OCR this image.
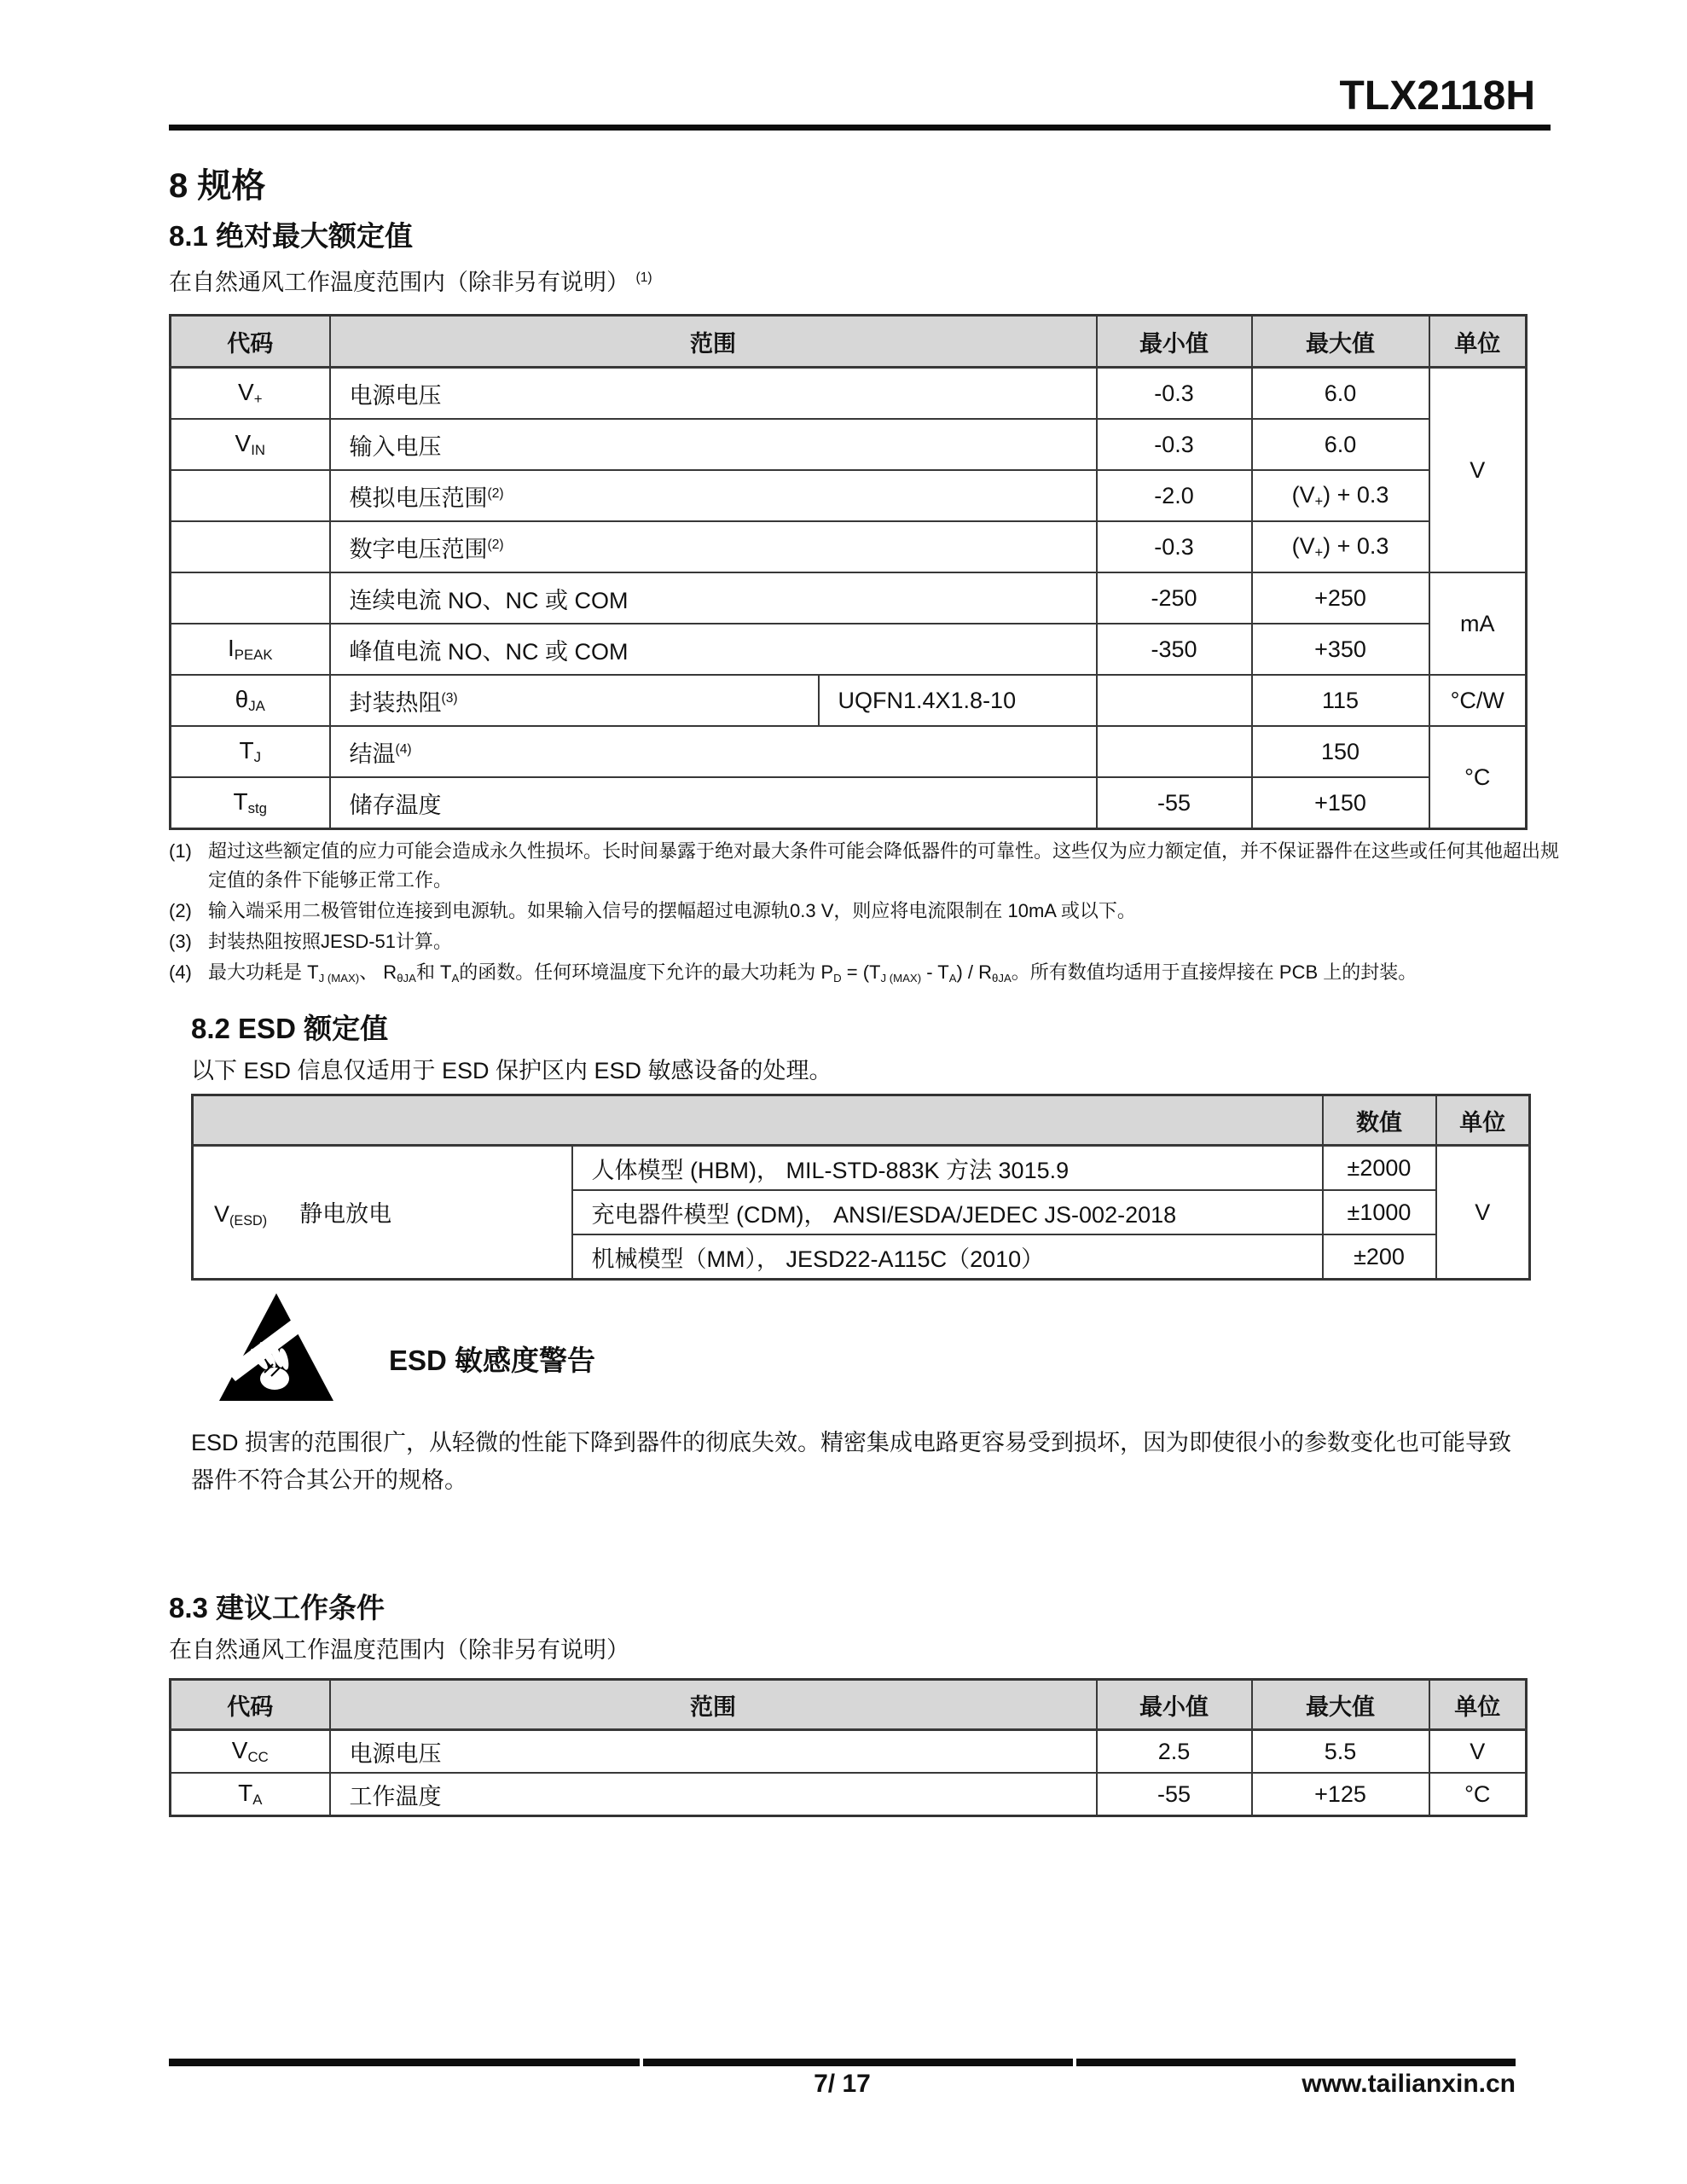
TLX2118H
8 规格
8.1 绝对最大额定值
在自然通风工作温度范围内（除非另有说明） $^{(1)}$
代码	范围		最小值	最大值	单位
$V_+$	电源电压		-0.3	6.0	V
$V_{IN}$	输入电压		-0.3	6.0	
	模拟电压范围$^{(2)}$		-2.0	$(V_+) + 0.3$	
	数字电压范围$^{(2)}$		-0.3	$(V_+) + 0.3$	
	连续电流 NO、NC 或 COM		-250	+250	mA
$I_{PEAK}$	峰值电流 NO、NC 或 COM		-350	+350	
$\theta_{JA}$	封装热阻$^{(3)}$	UQFN1.4X1.8-10		115	°C/W
$T_J$	结温$^{(4)}$			150	°C
$T_{stg}$	储存温度		-55	+150	
(1) 超过这些额定值的应力可能会造成永久性损坏。长时间暴露于绝对最大条件可能会降低器件的可靠性。这些仅为应力额定值，并不保证器件在这些或任何其他超出规定值的条件下能够正常工作。
(2) 输入端采用二极管钳位连接到电源轨。如果输入信号的摆幅超过电源轨0.3 V，则应将电流限制在 10mA 或以下。
(3) 封装热阻按照JESD-51计算。
(4) 最大功耗是 $T_{J (MAX)}$、 $R_{\theta JA}$和 $T_A$的函数。任何环境温度下允许的最大功耗为 $P_D = (T_{J (MAX)} - T_A) / R_{\theta JA}$。所有数值均适用于直接焊接在 PCB 上的封装。
8.2 ESD 额定值
以下 ESD 信息仅适用于 ESD 保护区内 ESD 敏感设备的处理。
		数值	单位
$V_{(ESD)}$ 静电放电	人体模型 (HBM)， MIL-STD-883K 方法 3015.9	±2000	V
	充电器件模型 (CDM)， ANSI/ESDA/JEDEC JS-002-2018	±1000	
	机械模型（MM）， JESD22-A115C（2010）	±200	
ESD 敏感度警告
ESD 损害的范围很广，从轻微的性能下降到器件的彻底失效。精密集成电路更容易受到损坏，因为即使很小的参数变化也可能导致器件不符合其公开的规格。
8.3 建议工作条件
在自然通风工作温度范围内（除非另有说明）
代码	范围	最小值	最大值	单位
$V_{CC}$	电源电压	2.5	5.5	V
$T_A$	工作温度	-55	+125	°C
7/ 17	www.tailianxin.cn
